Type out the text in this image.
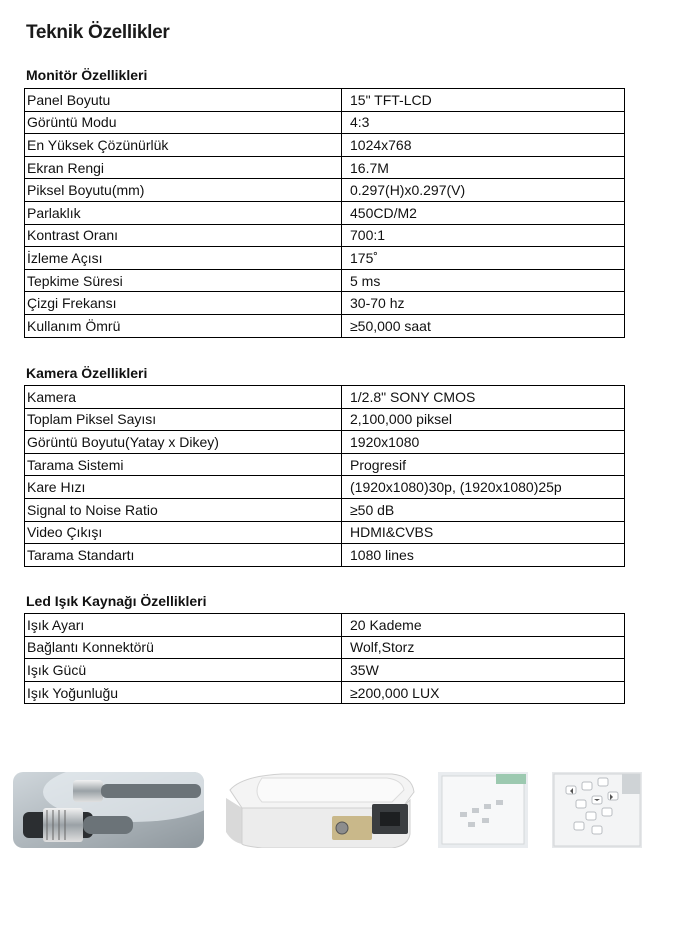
Teknik Özellikler
Monitör Özellikleri
Panel Boyutu	15" TFT-LCD
Görüntü Modu	4:3
En Yüksek Çözünürlük	1024x768
Ekran Rengi	16.7M
Piksel Boyutu(mm)	0.297(H)x0.297(V)
Parlaklık	450CD/M2
Kontrast Oranı	700:1
İzleme Açısı	175˚
Tepkime Süresi	5 ms
Çizgi Frekansı	30-70 hz
Kullanım Ömrü	≥50,000 saat
Kamera Özellikleri
Kamera	1/2.8" SONY CMOS
Toplam Piksel Sayısı	2,100,000 piksel
Görüntü Boyutu(Yatay x Dikey)	1920x1080
Tarama Sistemi	Progresif
Kare Hızı	(1920x1080)30p, (1920x1080)25p
Signal to Noise Ratio	≥50 dB
Video Çıkışı	HDMI&CVBS
Tarama Standartı	1080 lines
Led Işık Kaynağı Özellikleri
Işık Ayarı	20 Kademe
Bağlantı Konnektörü	Wolf,Storz
Işık Gücü	35W
Işık Yoğunluğu	≥200,000 LUX
